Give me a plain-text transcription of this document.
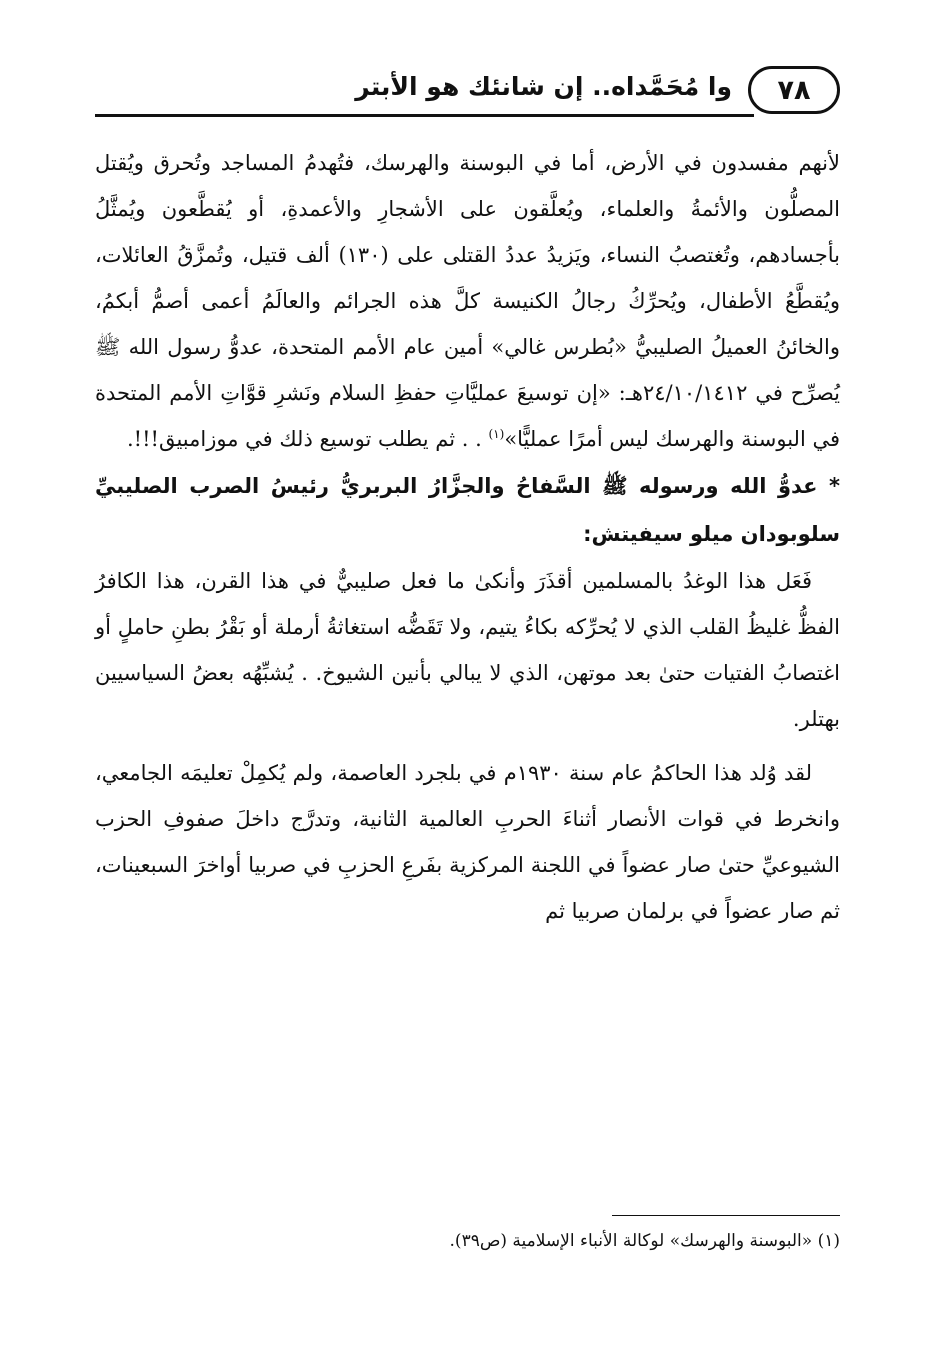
٧٨
وا مُحَمَّداه.. إن شانئك هو الأبتر

لأنهم مفسدون في الأرض، أما في البوسنة والهرسك، فتُهدمُ المساجد وتُحرق ويُقتل المصلُّون والأئمةُ والعلماء، ويُعلَّقون على الأشجارِ والأعمدةِ، أو يُقطَّعون ويُمثَّلُ بأجسادهم، وتُغتصبُ النساء، ويَزيدُ عددُ القتلى على (١٣٠) ألف قتيل، وتُمزَّقُ العائلات، ويُقطَّعُ الأطفال، ويُحرِّكُ رجالُ الكنيسة كلَّ هذه الجرائم والعالَمُ أعمى أصمُّ أبكمُ، والخائنُ العميلُ الصليبيُّ «بُطرس غالي» أمين عام الأمم المتحدة، عدوُّ رسول الله ﷺ يُصرِّح في ٢٤/١٠/١٤١٢هـ: «إن توسيعَ عمليَّاتِ حفظِ السلام ونَشرِ قوَّاتِ الأمم المتحدة في البوسنة والهرسك ليس أمرًا عمليًّا»$^{(١)}$ . . ثم يطلب توسيع ذلك في موزامبيق!!!.

* عدوُّ الله ورسوله ﷺ السَّفاحُ والجزَّارُ البربريُّ رئيسُ الصرب الصليبيِّ سلوبودان ميلو سيفيتش:

فَعَل هذا الوغدُ بالمسلمين أقذَرَ وأنكىٰ ما فعل صليبيٌّ في هذا القرن، هذا الكافرُ الفظُّ غليظُ القلب الذي لا يُحرِّكه بكاءُ يتيم، ولا تَقَضُّه استغاثةُ أرملة أو بَقْرُ بطنِ حاملٍ أو اغتصابُ الفتيات حتىٰ بعد موتهن، الذي لا يبالي بأنين الشيوخ. . يُشبِّهُه بعضُ السياسيين بهتلر.

لقد وُلد هذا الحاكمُ عام سنة ١٩٣٠م في بلجرد العاصمة، ولم يُكمِلْ تعليمَه الجامعي، وانخرط في قوات الأنصار أثناءَ الحربِ العالمية الثانية، وتدرَّج داخلَ صفوفِ الحزب الشيوعيِّ حتىٰ صار عضواً في اللجنة المركزية بفَرعِ الحزبِ في صربيا أواخرَ السبعينات، ثم صار عضواً في برلمان صربيا ثم

(١) «البوسنة والهرسك» لوكالة الأنباء الإسلامية (ص٣٩).
